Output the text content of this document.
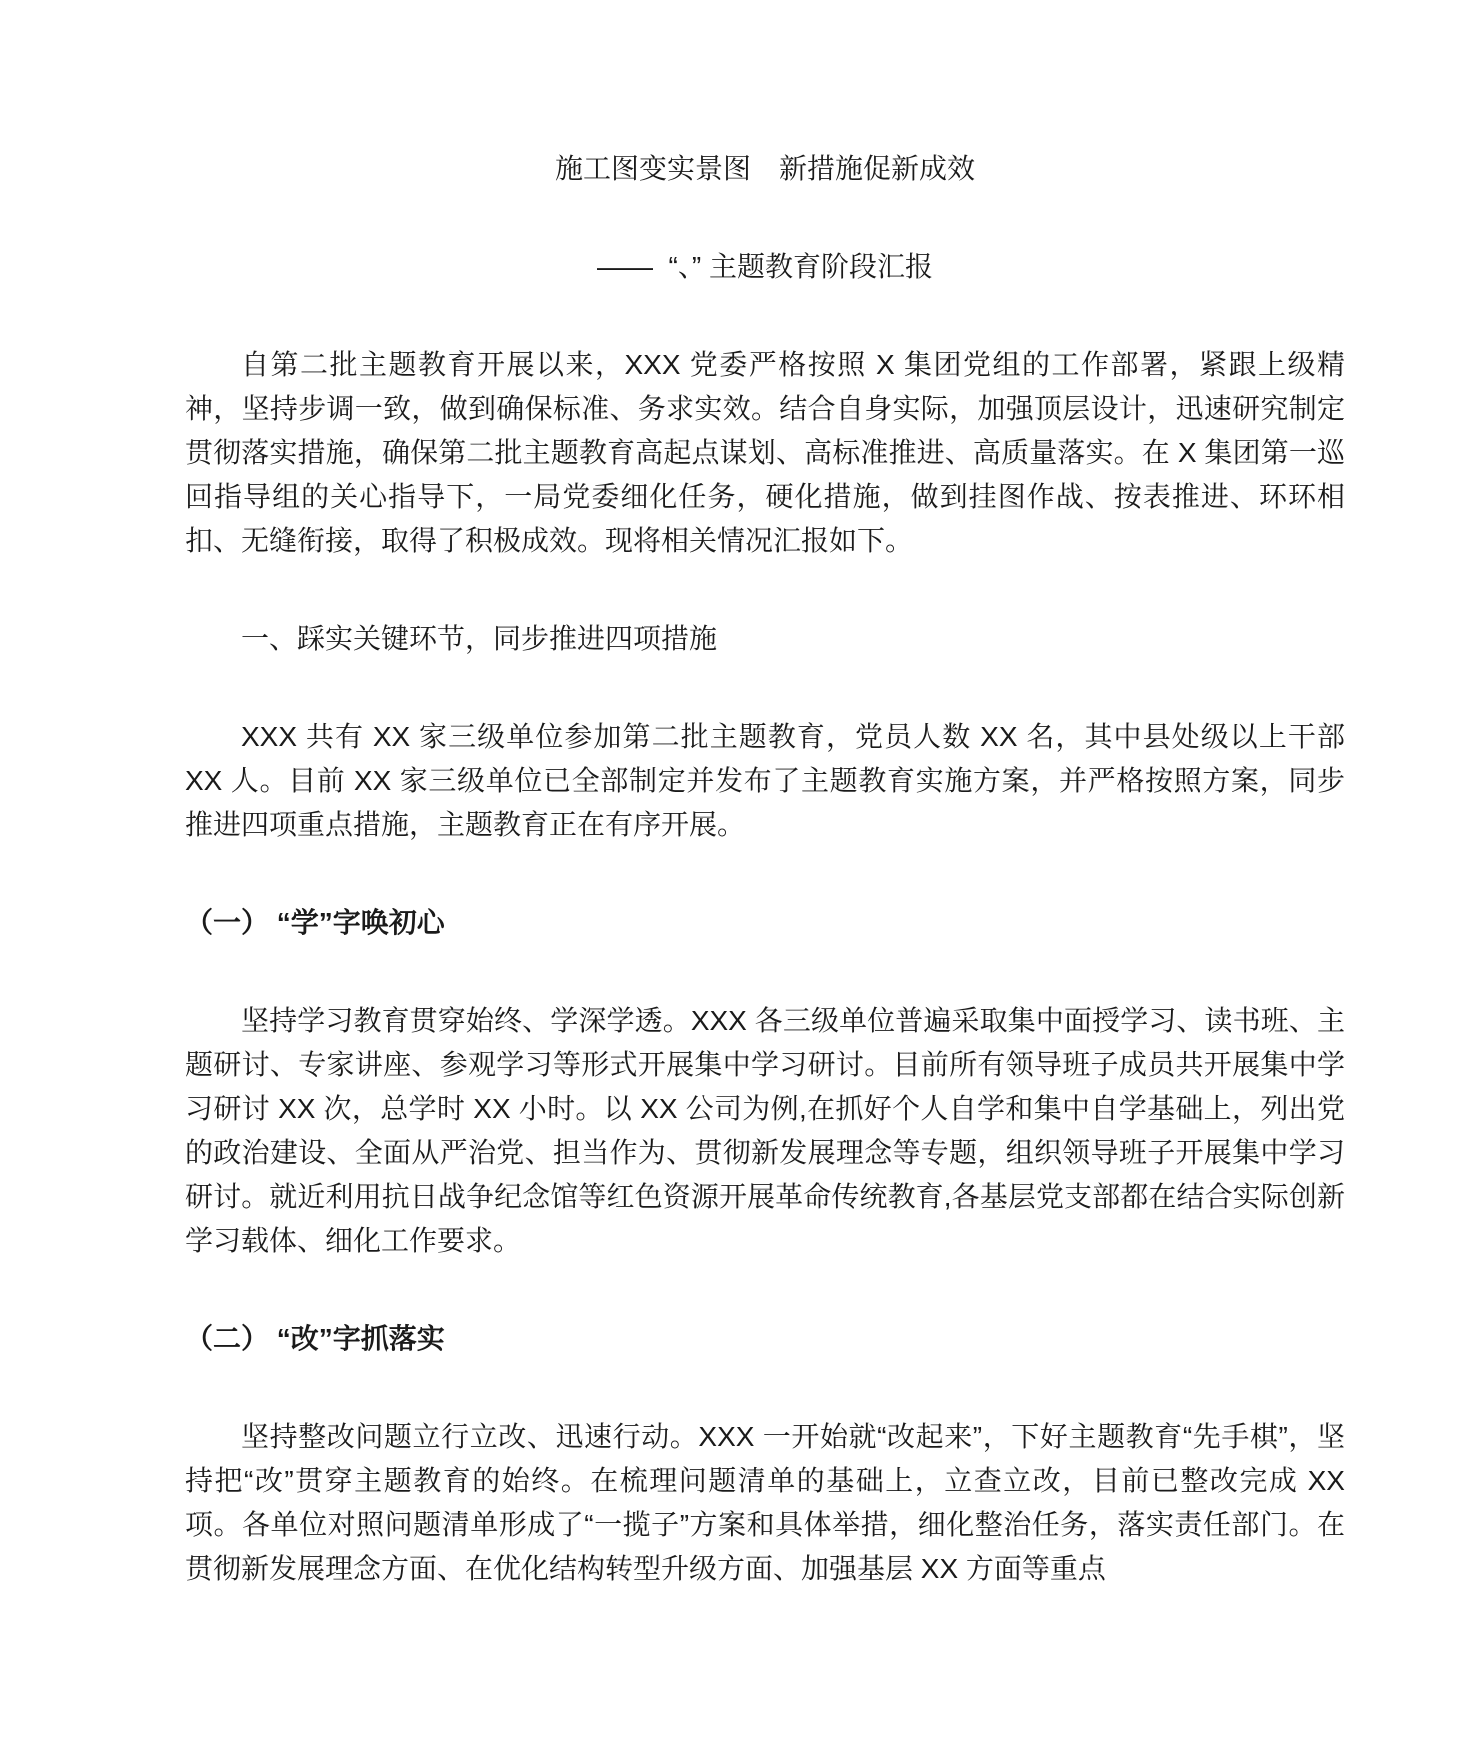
施工图变实景图　新措施促新成效
——  “、” 主题教育阶段汇报

自第二批主题教育开展以来，XXX 党委严格按照 X 集团党组的工作部署，紧跟上级精神，坚持步调一致，做到确保标准、务求实效。结合自身实际，加强顶层设计，迅速研究制定贯彻落实措施，确保第二批主题教育高起点谋划、高标准推进、高质量落实。在 X 集团第一巡回指导组的关心指导下，一局党委细化任务，硬化措施，做到挂图作战、按表推进、环环相扣、无缝衔接，取得了积极成效。现将相关情况汇报如下。

一、踩实关键环节，同步推进四项措施

XXX 共有 XX 家三级单位参加第二批主题教育，党员人数 XX 名，其中县处级以上干部 XX 人。目前 XX 家三级单位已全部制定并发布了主题教育实施方案，并严格按照方案，同步推进四项重点措施，主题教育正在有序开展。

（一） “学”字唤初心

坚持学习教育贯穿始终、学深学透。XXX 各三级单位普遍采取集中面授学习、读书班、主题研讨、专家讲座、参观学习等形式开展集中学习研讨。目前所有领导班子成员共开展集中学习研讨 XX 次，总学时 XX 小时。以 XX 公司为例,在抓好个人自学和集中自学基础上，列出党的政治建设、全面从严治党、担当作为、贯彻新发展理念等专题，组织领导班子开展集中学习研讨。就近利用抗日战争纪念馆等红色资源开展革命传统教育,各基层党支部都在结合实际创新学习载体、细化工作要求。

（二） “改”字抓落实

坚持整改问题立行立改、迅速行动。XXX 一开始就“改起来”，下好主题教育“先手棋”，坚持把“改”贯穿主题教育的始终。在梳理问题清单的基础上，立查立改，目前已整改完成 XX 项。各单位对照问题清单形成了“一揽子”方案和具体举措，细化整治任务，落实责任部门。在贯彻新发展理念方面、在优化结构转型升级方面、加强基层 XX 方面等重点
